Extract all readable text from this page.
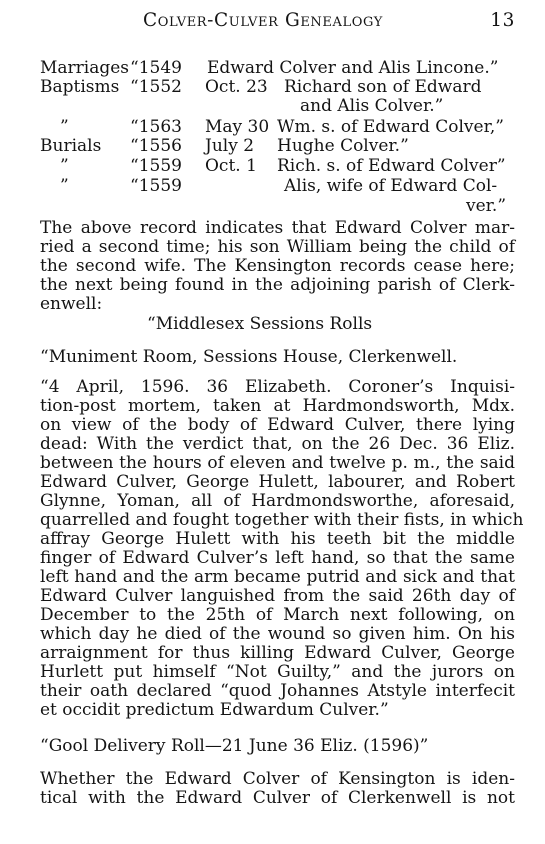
Colver-Culver Genealogy	13
Marriages “1549 Edward Colver and Alis Lincone.”
Baptisms “1552 Oct. 23 Richard son of Edward
and Alis Colver.”
”	“1563 May 30 Wm. s. of Edward Colver,”
Burials “1556 July 2 Hughe Colver.”
”	“1559 Oct. 1 Rich. s. of Edward Colver”
”	“1559	Alis, wife of Edward Col-
ver.”
The above record indicates that Edward Colver mar-
ried a second time; his son William being the child of
the second wife. The Kensington records cease here;
the next being found in the adjoining parish of Clerk-
enwell:
“Middlesex Sessions Rolls
“Muniment Room, Sessions House, Clerkenwell.
“4 April, 1596. 36 Elizabeth. Coroner’s Inquisi-
tion-post mortem, taken at Hardmondsworth, Mdx.
on view of the body of Edward Culver, there lying
dead: With the verdict that, on the 26 Dec. 36 Eliz.
between the hours of eleven and twelve p. m., the said
Edward Culver, George Hulett, labourer, and Robert
Glynne, Yoman, all of Hardmondsworthe, aforesaid,
quarrelled and fought together with their fists, in which
affray George Hulett with his teeth bit the middle
finger of Edward Culver’s left hand, so that the same
left hand and the arm became putrid and sick and that
Edward Culver languished from the said 26th day of
December to the 25th of March next following, on
which day he died of the wound so given him. On his
arraignment for thus killing Edward Culver, George
Hurlett put himself “Not Guilty,” and the jurors on
their oath declared “quod Johannes Atstyle interfecit
et occidit predictum Edwardum Culver.”
“Gool Delivery Roll—21 June 36 Eliz. (1596)”
Whether the Edward Colver of Kensington is iden-
tical with the Edward Culver of Clerkenwell is not
